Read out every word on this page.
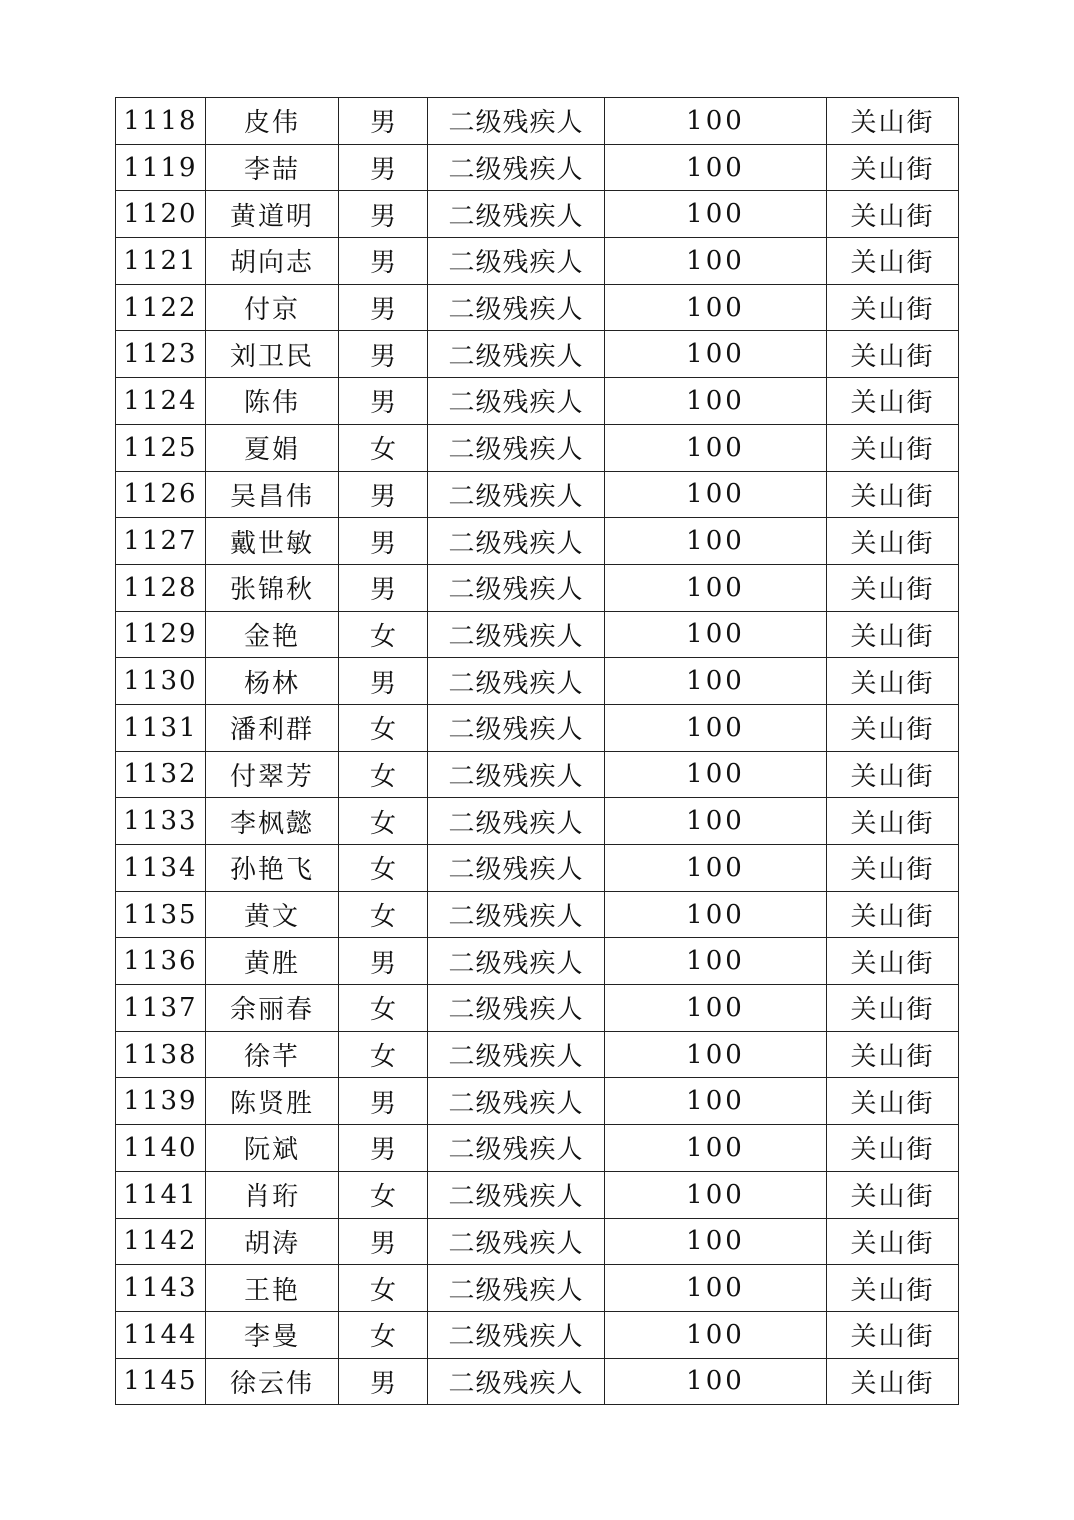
1118	皮伟	男	二级残疾人	100	关山街
1119	李喆	男	二级残疾人	100	关山街
1120	黄道明	男	二级残疾人	100	关山街
1121	胡向志	男	二级残疾人	100	关山街
1122	付京	男	二级残疾人	100	关山街
1123	刘卫民	男	二级残疾人	100	关山街
1124	陈伟	男	二级残疾人	100	关山街
1125	夏娟	女	二级残疾人	100	关山街
1126	吴昌伟	男	二级残疾人	100	关山街
1127	戴世敏	男	二级残疾人	100	关山街
1128	张锦秋	男	二级残疾人	100	关山街
1129	金艳	女	二级残疾人	100	关山街
1130	杨林	男	二级残疾人	100	关山街
1131	潘利群	女	二级残疾人	100	关山街
1132	付翠芳	女	二级残疾人	100	关山街
1133	李枫懿	女	二级残疾人	100	关山街
1134	孙艳飞	女	二级残疾人	100	关山街
1135	黄文	女	二级残疾人	100	关山街
1136	黄胜	男	二级残疾人	100	关山街
1137	余丽春	女	二级残疾人	100	关山街
1138	徐芊	女	二级残疾人	100	关山街
1139	陈贤胜	男	二级残疾人	100	关山街
1140	阮斌	男	二级残疾人	100	关山街
1141	肖珩	女	二级残疾人	100	关山街
1142	胡涛	男	二级残疾人	100	关山街
1143	王艳	女	二级残疾人	100	关山街
1144	李曼	女	二级残疾人	100	关山街
1145	徐云伟	男	二级残疾人	100	关山街
